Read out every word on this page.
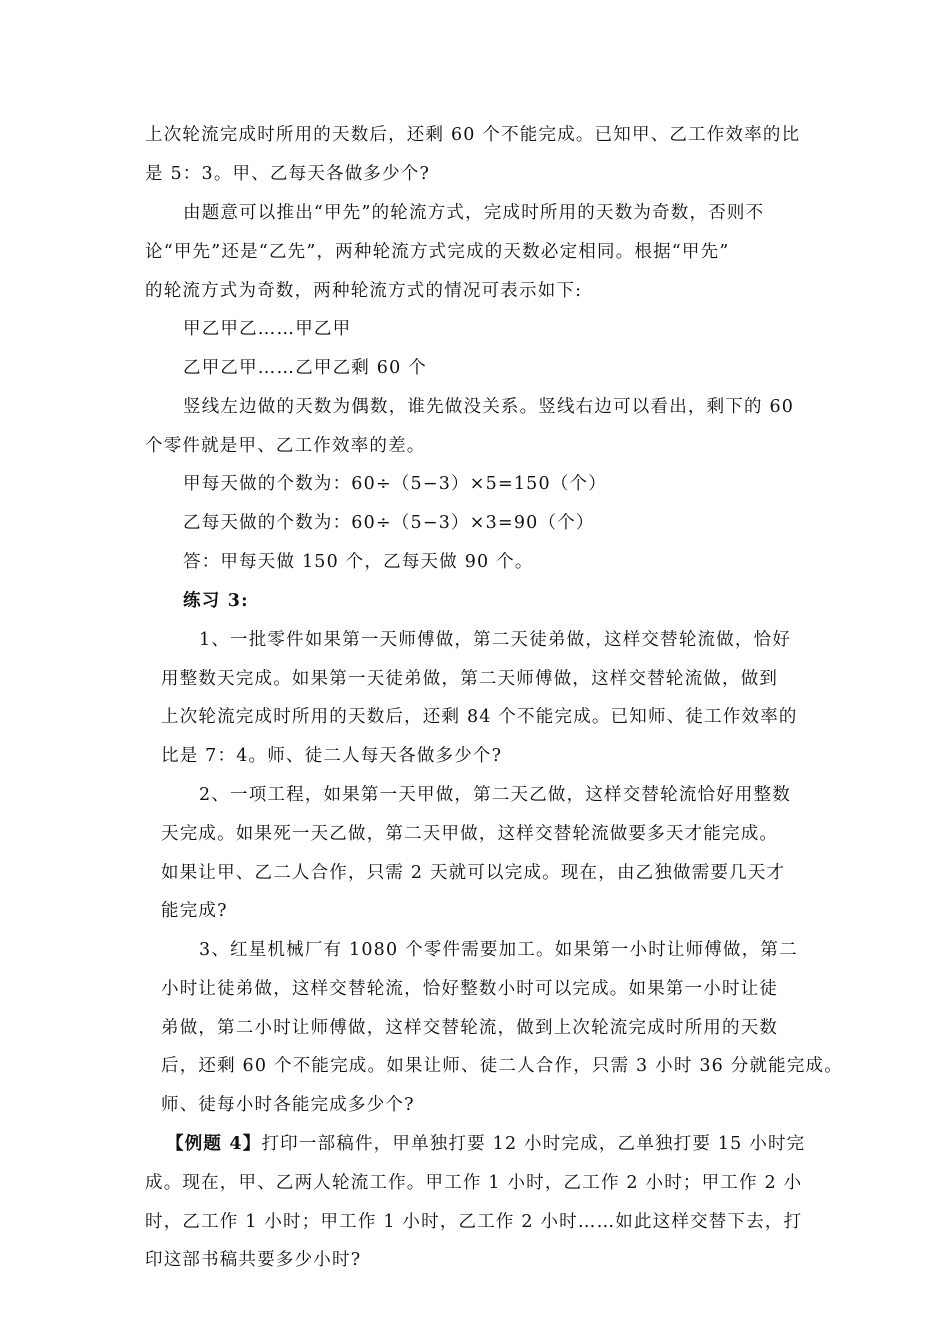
上次轮流完成时所用的天数后，还剩 60 个不能完成。已知甲、乙工作效率的比
是 5：3。甲、乙每天各做多少个?
由题意可以推出“甲先”的轮流方式，完成时所用的天数为奇数，否则不
论“甲先”还是“乙先”，两种轮流方式完成的天数必定相同。根据“甲先”
的轮流方式为奇数，两种轮流方式的情况可表示如下:
甲乙甲乙……甲乙甲
乙甲乙甲……乙甲乙剩 60 个
竖线左边做的天数为偶数，谁先做没关系。竖线右边可以看出，剩下的 60
个零件就是甲、乙工作效率的差。
甲每天做的个数为：60÷（5−3）×5=150（个）
乙每天做的个数为：60÷（5−3）×3=90（个）
答：甲每天做 150 个，乙每天做 90 个。
练习 3:
1、一批零件如果第一天师傅做，第二天徒弟做，这样交替轮流做，恰好
用整数天完成。如果第一天徒弟做，第二天师傅做，这样交替轮流做，做到
上次轮流完成时所用的天数后，还剩 84 个不能完成。已知师、徒工作效率的
比是 7：4。师、徒二人每天各做多少个?
2、一项工程，如果第一天甲做，第二天乙做，这样交替轮流恰好用整数
天完成。如果死一天乙做，第二天甲做，这样交替轮流做要多天才能完成。
如果让甲、乙二人合作，只需 2 天就可以完成。现在，由乙独做需要几天才
能完成?
3、红星机械厂有 1080 个零件需要加工。如果第一小时让师傅做，第二
小时让徒弟做，这样交替轮流，恰好整数小时可以完成。如果第一小时让徒
弟做，第二小时让师傅做，这样交替轮流，做到上次轮流完成时所用的天数
后，还剩 60 个不能完成。如果让师、徒二人合作，只需 3 小时 36 分就能完成。
师、徒每小时各能完成多少个?
【例题 4】打印一部稿件，甲单独打要 12 小时完成，乙单独打要 15 小时完
成。现在，甲、乙两人轮流工作。甲工作 1 小时，乙工作 2 小时；甲工作 2 小
时，乙工作 1 小时；甲工作 1 小时，乙工作 2 小时……如此这样交替下去，打
印这部书稿共要多少小时?
